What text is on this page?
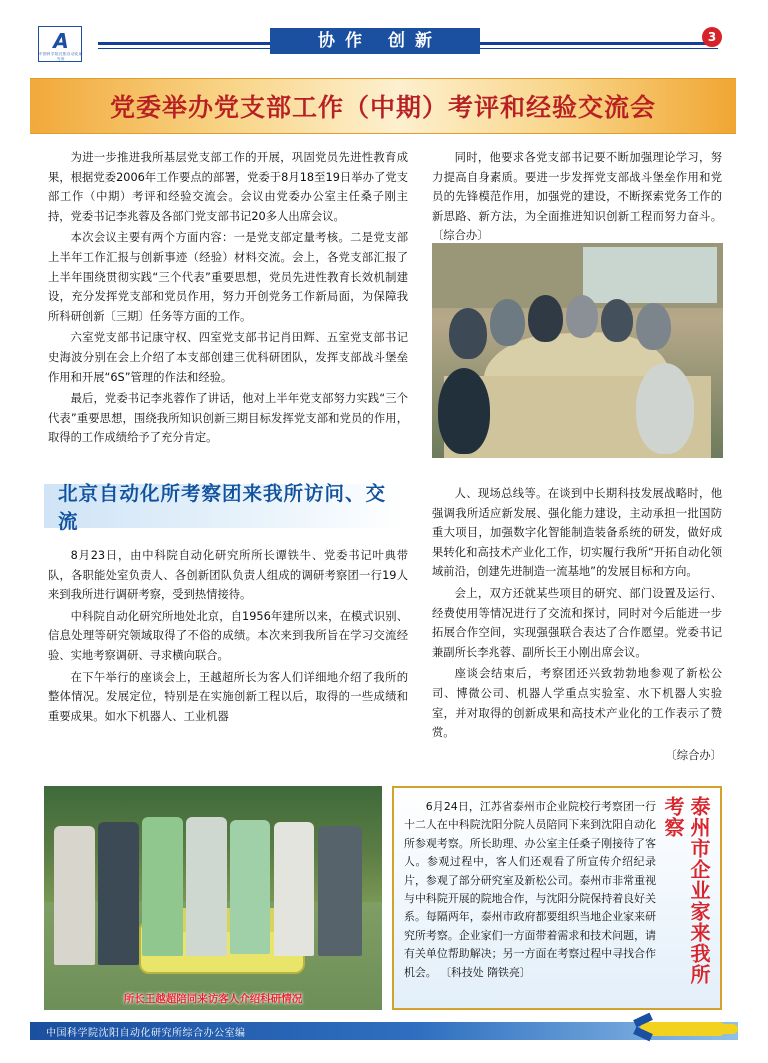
A
中国科学院沈阳自动化研究所
协作 创新	3
党委举办党支部工作（中期）考评和经验交流会

为进一步推进我所基层党支部工作的开展，巩固党员先进性教育成果，根据党委2006年工作要点的部署，党委于8月18至19日举办了党支部工作（中期）考评和经验交流会。会议由党委办公室主任桑子刚主持，党委书记李兆蓉及各部门党支部书记20多人出席会议。

本次会议主要有两个方面内容：一是党支部定量考核。二是党支部上半年工作汇报与创新事迹（经验）材料交流。会上，各党支部汇报了上半年围绕贯彻实践“三个代表”重要思想，党员先进性教育长效机制建设，充分发挥党支部和党员作用，努力开创党务工作新局面，为保障我所科研创新〔三期〕任务等方面的工作。

六室党支部书记康守权、四室党支部书记肖田辉、五室党支部书记史海波分别在会上介绍了本支部创建三优科研团队，发挥支部战斗堡垒作用和开展“6S”管理的作法和经验。

最后，党委书记李兆蓉作了讲话，他对上半年党支部努力实践“三个代表”重要思想，围绕我所知识创新三期目标发挥党支部和党员的作用，取得的工作成绩给予了充分肯定。

同时，他要求各党支部书记要不断加强理论学习，努力提高自身素质。要进一步发挥党支部战斗堡垒作用和党员的先锋模范作用，加强党的建设，不断探索党务工作的新思路、新方法，为全面推进知识创新工程而努力奋斗。 〔综合办〕

北京自动化所考察团来我所访问、交流

8月23日，由中科院自动化研究所所长谭铁牛、党委书记叶典带队，各职能处室负责人、各创新团队负责人组成的调研考察团一行19人来到我所进行调研考察，受到热情接待。

中科院自动化研究所地处北京，自1956年建所以来，在模式识别、信息处理等研究领域取得了不俗的成绩。本次来到我所旨在学习交流经验、实地考察调研、寻求横向联合。

在下午举行的座谈会上，王越超所长为客人们详细地介绍了我所的整体情况。发展定位，特别是在实施创新工程以后，取得的一些成绩和重要成果。如水下机器人、工业机器

人、现场总线等。在谈到中长期科技发展战略时，他强调我所适应新发展、强化能力建设，主动承担一批国防重大项目，加强数字化智能制造装备系统的研发，做好成果转化和高技术产业化工作，切实履行我所“开拓自动化领域前沿，创建先进制造一流基地”的发展目标和方向。

会上，双方还就某些项目的研究、部门设置及运行、经费使用等情况进行了交流和探讨，同时对今后能进一步拓展合作空间，实现强强联合表达了合作愿望。党委书记兼副所长李兆蓉、副所长王小刚出席会议。

座谈会结束后，考察团还兴致勃勃地参观了新松公司、博微公司、机器人学重点实验室、水下机器人实验室，并对取得的创新成果和高技术产业化的工作表示了赞赏。

〔综合办〕
所长王越超陪同来访客人介绍科研情况

6月24日，江苏省泰州市企业院校行考察团一行十二人在中科院沈阳分院人员陪同下来到沈阳自动化所参观考察。所长助理、办公室主任桑子刚接待了客人。参观过程中，客人们还观看了所宣传介绍纪录片，参观了部分研究室及新松公司。泰州市非常重视与中科院开展的院地合作，与沈阳分院保持着良好关系。每隔两年，泰州市政府都要组织当地企业家来研究所考察。企业家们一方面带着需求和技术问题，请有关单位帮助解决；另一方面在考察过程中寻找合作机会。 〔科技处 隋铁亮〕	泰州市企业家来我所考察
中国科学院沈阳自动化研究所综合办公室编
